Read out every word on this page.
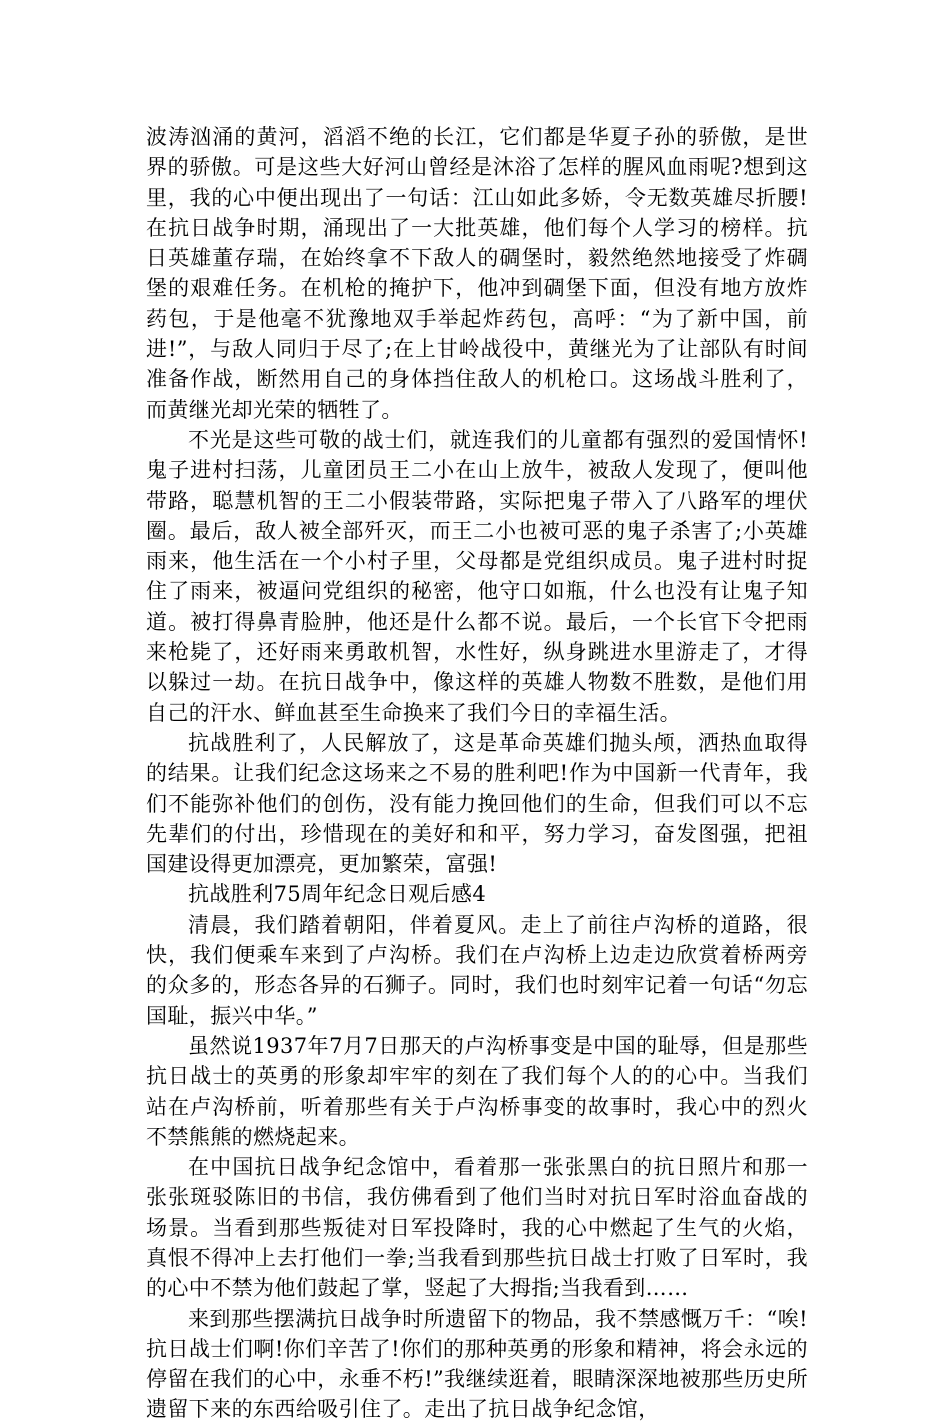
波涛汹涌的黄河，滔滔不绝的长江，它们都是华夏子孙的骄傲，是世界的骄傲。可是这些大好河山曾经是沐浴了怎样的腥风血雨呢?想到这里，我的心中便出现出了一句话：江山如此多娇，令无数英雄尽折腰!在抗日战争时期，涌现出了一大批英雄，他们每个人学习的榜样。抗日英雄董存瑞，在始终拿不下敌人的碉堡时，毅然绝然地接受了炸碉堡的艰难任务。在机枪的掩护下，他冲到碉堡下面，但没有地方放炸药包，于是他毫不犹豫地双手举起炸药包，高呼：“为了新中国，前进!”，与敌人同归于尽了;在上甘岭战役中，黄继光为了让部队有时间准备作战，断然用自己的身体挡住敌人的机枪口。这场战斗胜利了，而黄继光却光荣的牺牲了。

不光是这些可敬的战士们，就连我们的儿童都有强烈的爱国情怀!鬼子进村扫荡，儿童团员王二小在山上放牛，被敌人发现了，便叫他带路，聪慧机智的王二小假装带路，实际把鬼子带入了八路军的埋伏圈。最后，敌人被全部歼灭，而王二小也被可恶的鬼子杀害了;小英雄雨来，他生活在一个小村子里，父母都是党组织成员。鬼子进村时捉住了雨来，被逼问党组织的秘密，他守口如瓶，什么也没有让鬼子知道。被打得鼻青脸肿，他还是什么都不说。最后，一个长官下令把雨来枪毙了，还好雨来勇敢机智，水性好，纵身跳进水里游走了，才得以躲过一劫。在抗日战争中，像这样的英雄人物数不胜数，是他们用自己的汗水、鲜血甚至生命换来了我们今日的幸福生活。

抗战胜利了，人民解放了，这是革命英雄们抛头颅，洒热血取得的结果。让我们纪念这场来之不易的胜利吧!作为中国新一代青年，我们不能弥补他们的创伤，没有能力挽回他们的生命，但我们可以不忘先辈们的付出，珍惜现在的美好和和平，努力学习，奋发图强，把祖国建设得更加漂亮，更加繁荣，富强!

抗战胜利75周年纪念日观后感4

清晨，我们踏着朝阳，伴着夏风。走上了前往卢沟桥的道路，很快，我们便乘车来到了卢沟桥。我们在卢沟桥上边走边欣赏着桥两旁的众多的，形态各异的石狮子。同时，我们也时刻牢记着一句话“勿忘国耻，振兴中华。”

虽然说1937年7月7日那天的卢沟桥事变是中国的耻辱，但是那些抗日战士的英勇的形象却牢牢的刻在了我们每个人的的心中。当我们站在卢沟桥前，听着那些有关于卢沟桥事变的故事时，我心中的烈火不禁熊熊的燃烧起来。

在中国抗日战争纪念馆中，看着那一张张黑白的抗日照片和那一张张斑驳陈旧的书信，我仿佛看到了他们当时对抗日军时浴血奋战的场景。当看到那些叛徒对日军投降时，我的心中燃起了生气的火焰，真恨不得冲上去打他们一拳;当我看到那些抗日战士打败了日军时，我的心中不禁为他们鼓起了掌，竖起了大拇指;当我看到……

来到那些摆满抗日战争时所遗留下的物品，我不禁感慨万千：“唉!抗日战士们啊!你们辛苦了!你们的那种英勇的形象和精神，将会永远的停留在我们的心中，永垂不朽!”我继续逛着，眼睛深深地被那些历史所遗留下来的东西给吸引住了。走出了抗日战争纪念馆，
